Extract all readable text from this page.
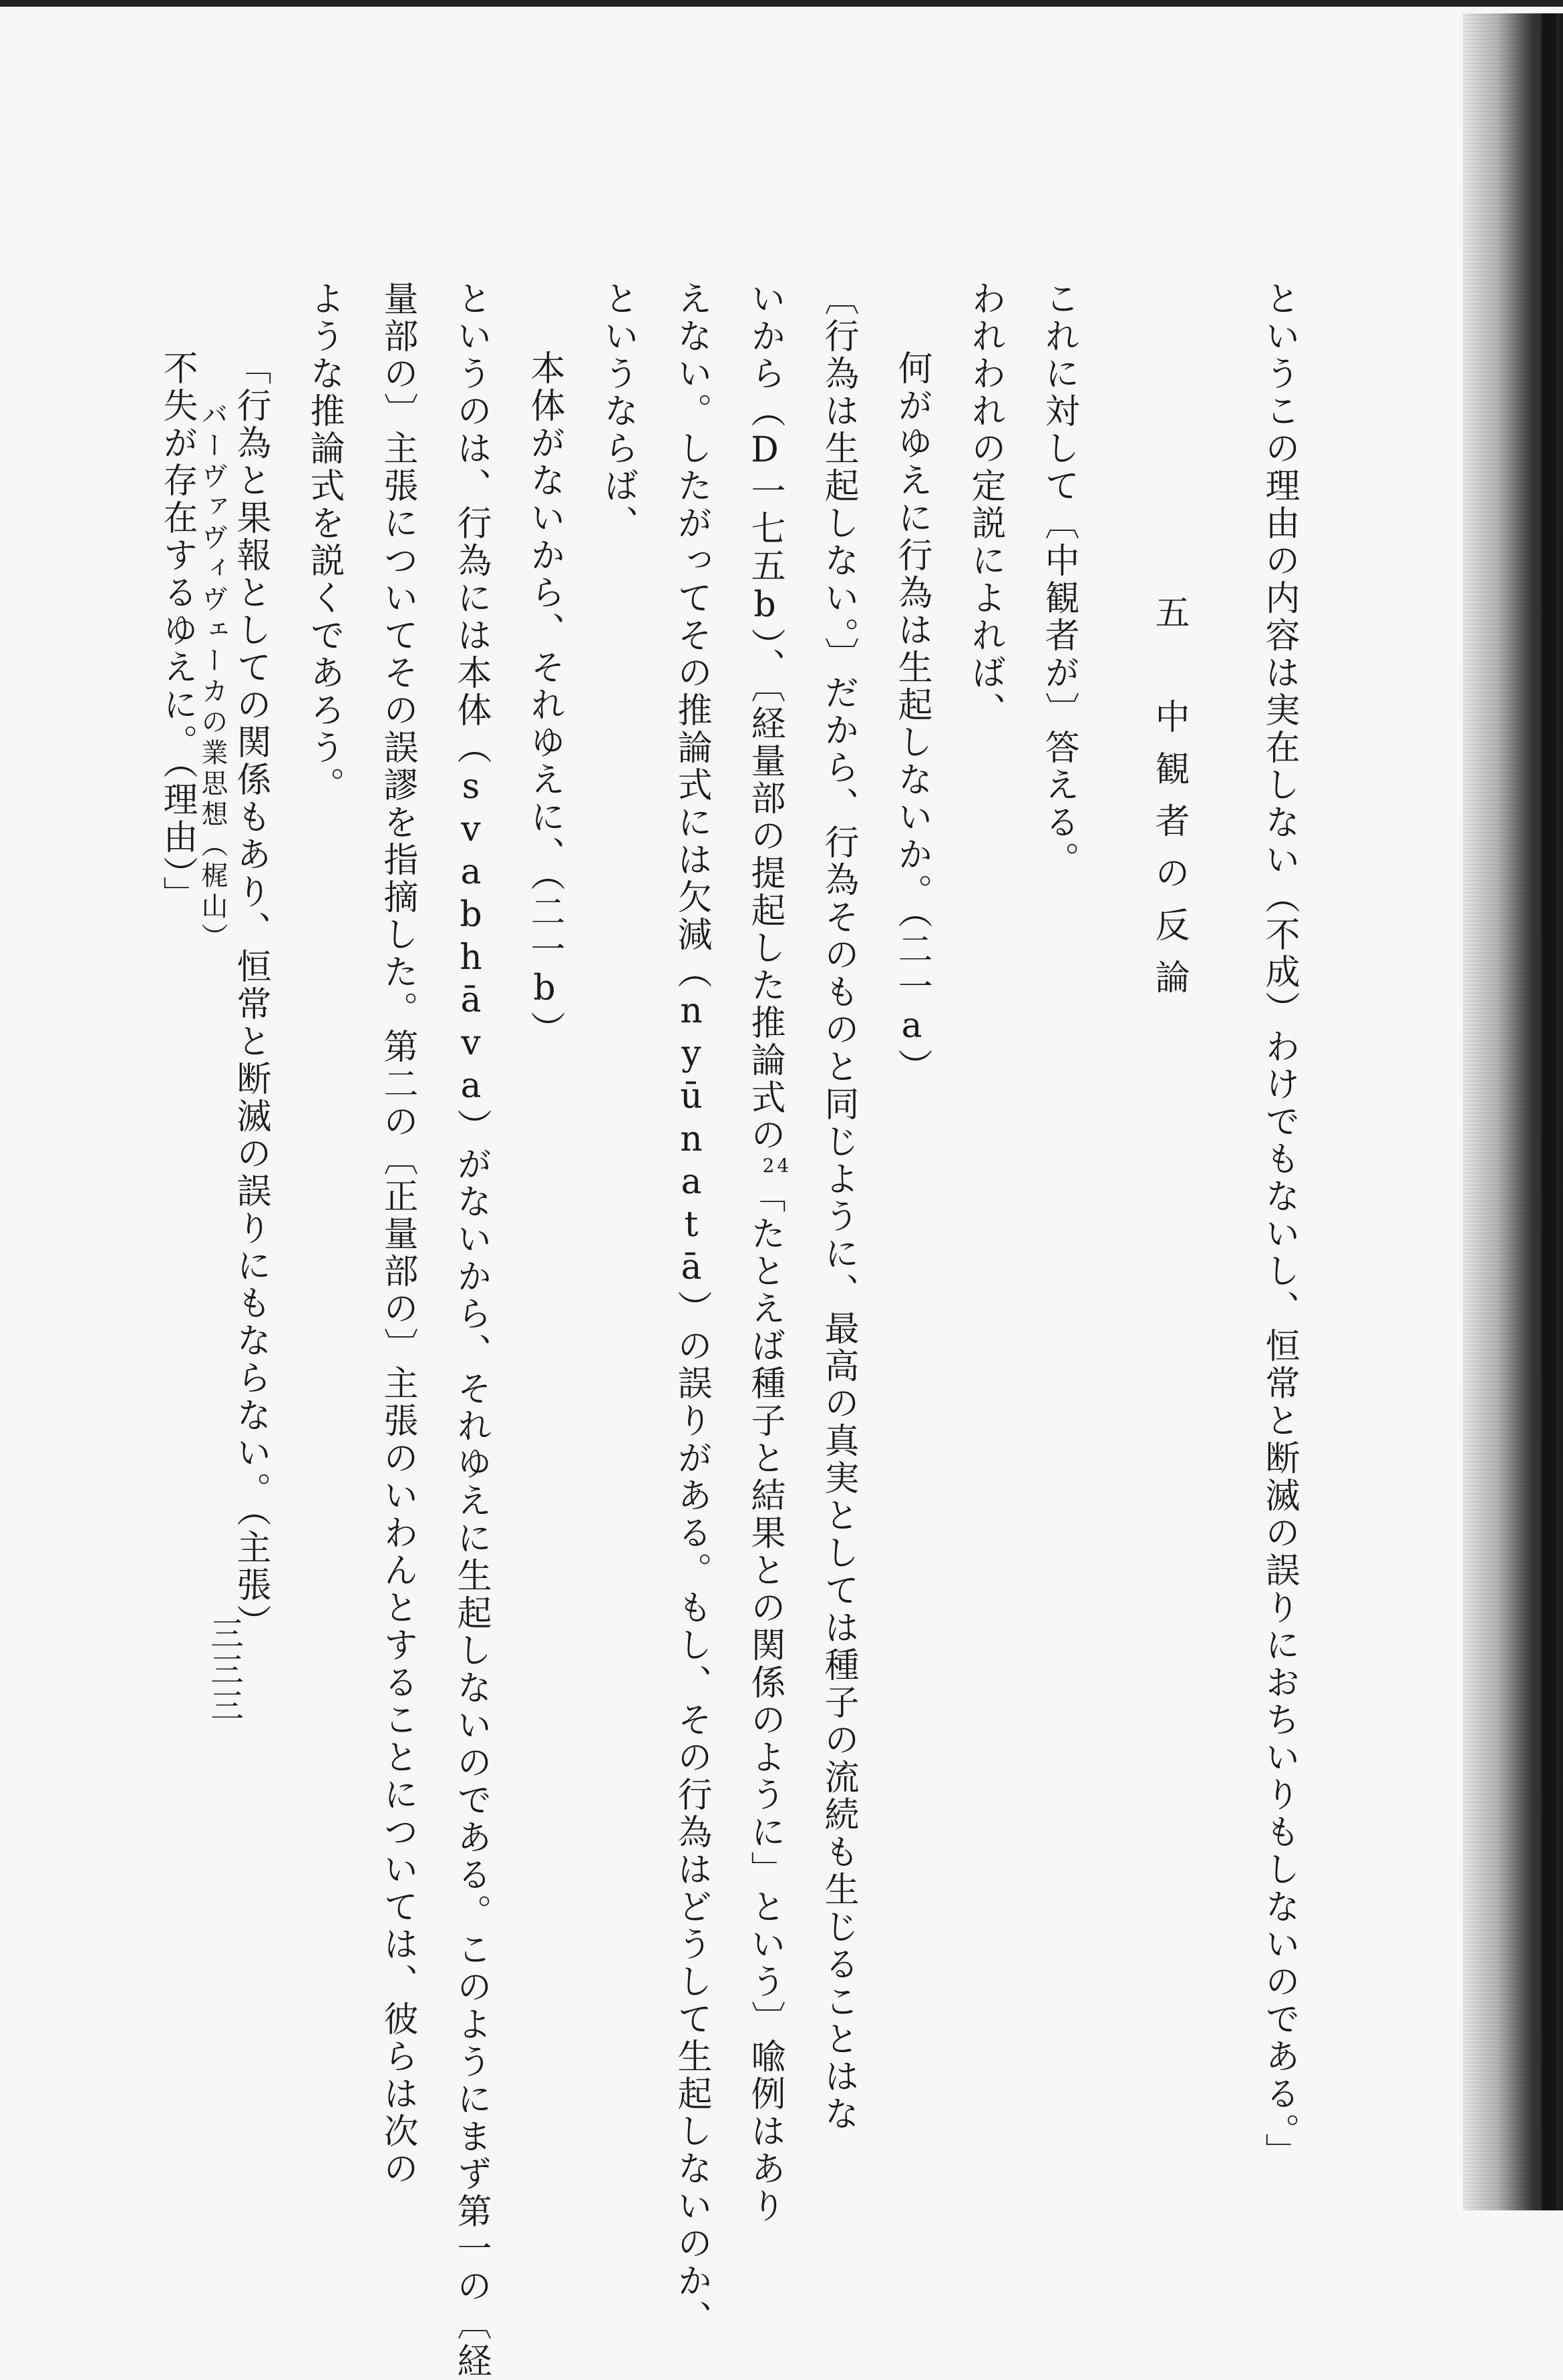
というこの理由の内容は実在しない（不成）わけでもないし、恒常と断滅の誤りにおちいりもしないのである。」
五　中観者の反論
これに対して〔中観者が〕答える。
われわれの定説によれば、
何がゆえに行為は生起しないか。（二一a）
〔行為は生起しない。〕だから、行為そのものと同じように、最高の真実としては種子の流続も生じることはな
いから（D一七五b）、〔経量部の提起した推論式の24「たとえば種子と結果との関係のように」という〕喩例はあり
えない。したがってその推論式には欠減（nyūnatā）の誤りがある。もし、その行為はどうして生起しないのか、
というならば、
本体がないから、それゆえに、（二一b）
というのは、行為には本体（svabhāva）がないから、それゆえに生起しないのである。このようにまず第一の〔経
量部の〕主張についてその誤謬を指摘した。第二の〔正量部の〕主張のいわんとすることについては、彼らは次の
ような推論式を説くであろう。
「行為と果報としての関係もあり、恒常と断滅の誤りにもならない。（主張）
不失が存在するゆえに。（理由）」 バーヴァヴィヴェーカの業思想（梶山）
三三三
